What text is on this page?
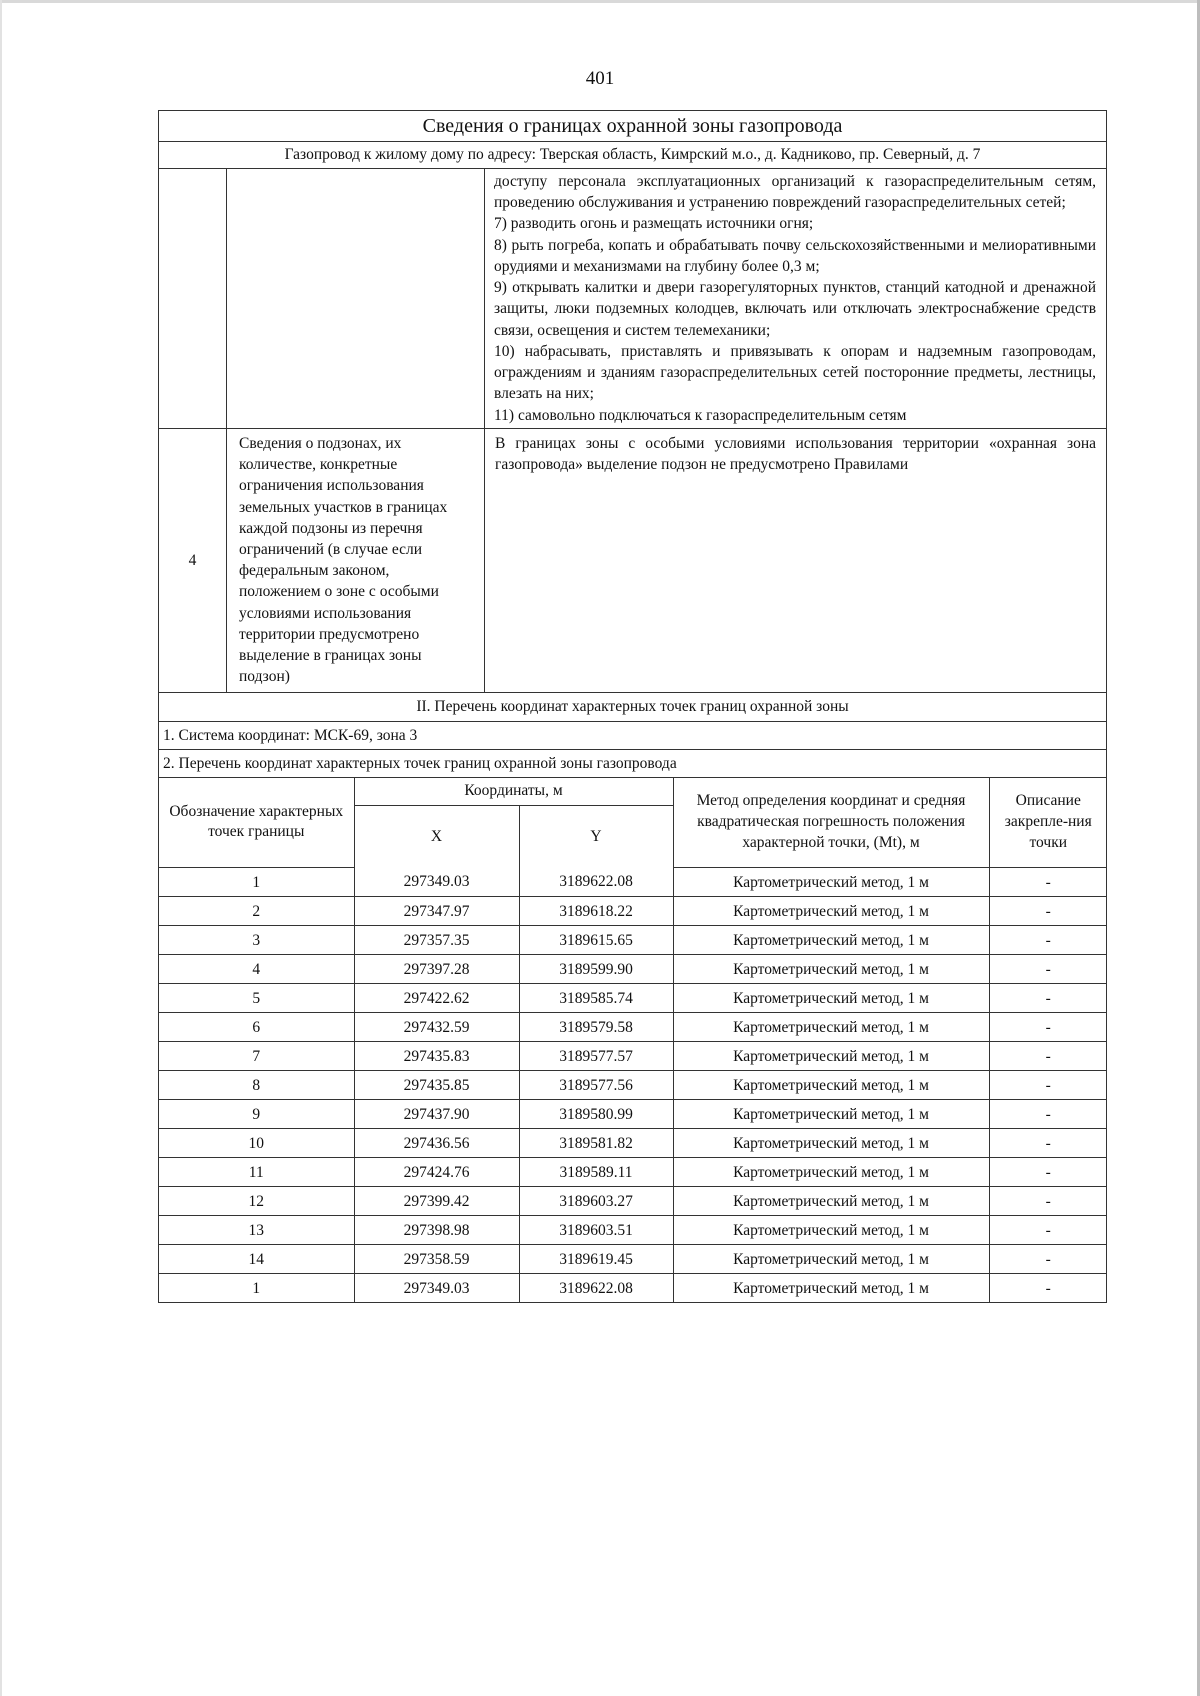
401
Сведения о границах охранной зоны газопровода
Газопровод к жилому дому по адресу: Тверская область, Кимрский м.о., д. Кадниково, пр. Северный, д. 7

доступу персонала эксплуатационных организаций к газораспределительным сетям, проведению обслуживания и устранению повреждений газораспределительных сетей;

7) разводить огонь и размещать источники огня;

8) рыть погреба, копать и обрабатывать почву сельскохозяйственными и мелиоративными орудиями и механизмами на глубину более 0,3 м;

9) открывать калитки и двери газорегуляторных пунктов, станций катодной и дренажной защиты, люки подземных колодцев, включать или отключать электроснабжение средств связи, освещения и систем телемеханики;

10) набрасывать, приставлять и привязывать к опорам и надземным газопроводам, ограждениям и зданиям газораспределительных сетей посторонние предметы, лестницы, влезать на них;

11) самовольно подключаться к газораспределительным сетям

4	Сведения о подзонах, их количестве, конкретные ограничения использования земельных участков в границах каждой подзоны из перечня ограничений (в случае если федеральным законом, положением о зоне с особыми условиями использования территории предусмотрено выделение в границах зоны подзон)	В границах зоны с особыми условиями использования территории «охранная зона газопровода» выделение подзон не предусмотрено Правилами
II. Перечень координат характерных точек границ охранной зоны
1. Система координат: МСК-69, зона 3
2. Перечень координат характерных точек границ охранной зоны газопровода

Обозначение характерных точек границы	Координаты, м	Метод определения координат и средняя квадратическая погрешность положения характерной точки, (Mt), м	Описание закрепле-ния точки
X	Y
1	297349.03	3189622.08	Картометрический метод, 1 м	-
2	297347.97	3189618.22	Картометрический метод, 1 м	-
3	297357.35	3189615.65	Картометрический метод, 1 м	-
4	297397.28	3189599.90	Картометрический метод, 1 м	-
5	297422.62	3189585.74	Картометрический метод, 1 м	-
6	297432.59	3189579.58	Картометрический метод, 1 м	-
7	297435.83	3189577.57	Картометрический метод, 1 м	-
8	297435.85	3189577.56	Картометрический метод, 1 м	-
9	297437.90	3189580.99	Картометрический метод, 1 м	-
10	297436.56	3189581.82	Картометрический метод, 1 м	-
11	297424.76	3189589.11	Картометрический метод, 1 м	-
12	297399.42	3189603.27	Картометрический метод, 1 м	-
13	297398.98	3189603.51	Картометрический метод, 1 м	-
14	297358.59	3189619.45	Картометрический метод, 1 м	-
1	297349.03	3189622.08	Картометрический метод, 1 м	-
